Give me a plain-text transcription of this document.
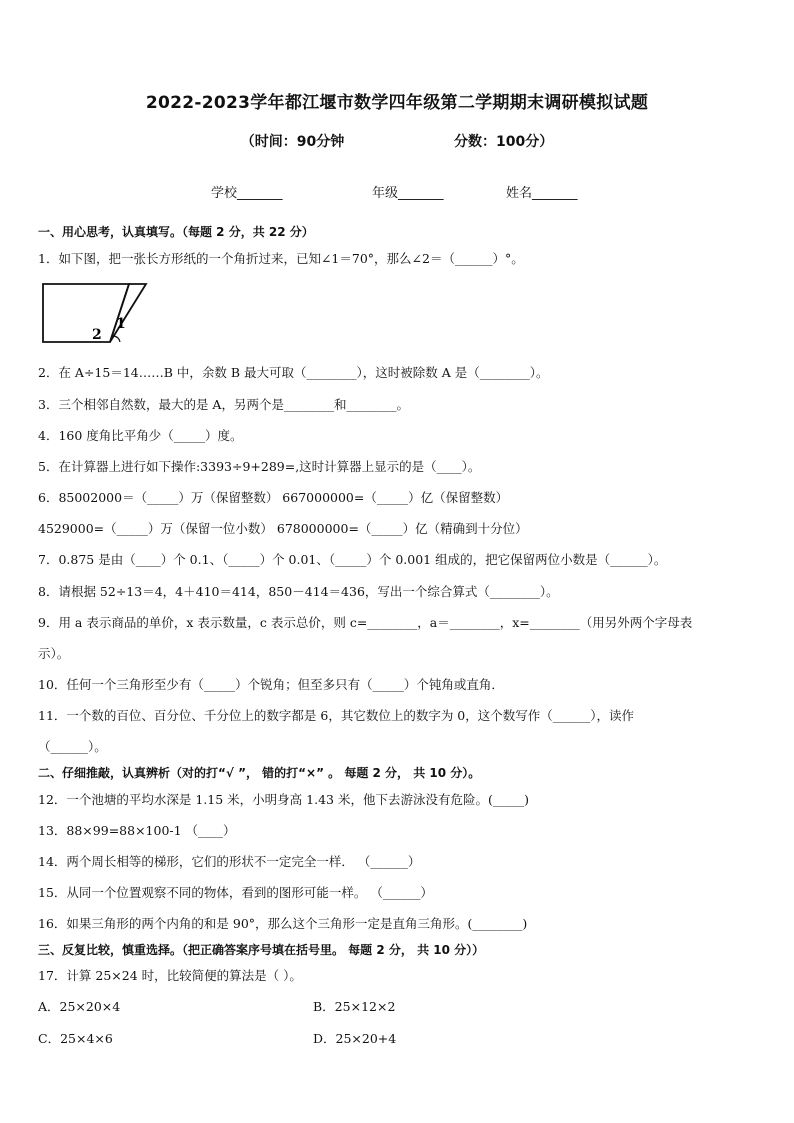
2022-2023学年都江堰市数学四年级第二学期期末调研模拟试题
（时间：90分钟	分数：100分）
学校_______	年级_______	姓名_______
一、用心思考，认真填写。（每题 2 分，共 22 分）
1．如下图，把一张长方形纸的一个角折过来，已知∠1＝70°，那么∠2＝（______）°。
1
2
2．在 A÷15＝14……B 中，余数 B 最大可取（________），这时被除数 A 是（________）。
3．三个相邻自然数，最大的是 A，另两个是________和________。
4．160 度角比平角少（_____）度。
5．在计算器上进行如下操作:3393÷9+289=,这时计算器上显示的是（____）。
6．85002000＝（_____）万（保留整数） 667000000=（_____）亿（保留整数）
4529000=（_____）万（保留一位小数） 678000000=（_____）亿（精确到十分位）
7．0.875 是由（____）个 0.1、（_____）个 0.01、（_____）个 0.001 组成的，把它保留两位小数是（______）。
8．请根据 52÷13＝4，4＋410＝414，850－414＝436，写出一个综合算式（________）。
9．用 a 表示商品的单价，x 表示数量，c 表示总价，则 c=________，a＝________，x=________（用另外两个字母表
示）。
10．任何一个三角形至少有（_____）个锐角；但至多只有（_____）个钝角或直角．
11．一个数的百位、百分位、千分位上的数字都是 6，其它数位上的数字为 0，这个数写作（______），读作
（______）。
二、仔细推敲，认真辨析（对的打“√ ”， 错的打“×” 。 每题 2 分， 共 10 分）。
12．一个池塘的平均水深是 1.15 米，小明身高 1.43 米，他下去游泳没有危险。(_____)
13．88×99=88×100-1 （____）
14．两个周长相等的梯形，它们的形状不一定完全一样． （______）
15．从同一个位置观察不同的物体，看到的图形可能一样。 （______）
16．如果三角形的两个内角的和是 90°，那么这个三角形一定是直角三角形。(________)
三、反复比较，慎重选择。（把正确答案序号填在括号里。 每题 2 分， 共 10 分））
17．计算 25×24 时，比较简便的算法是（ ）。
A．25×20×4	B．25×12×2
C．25×4×6	D．25×20+4
